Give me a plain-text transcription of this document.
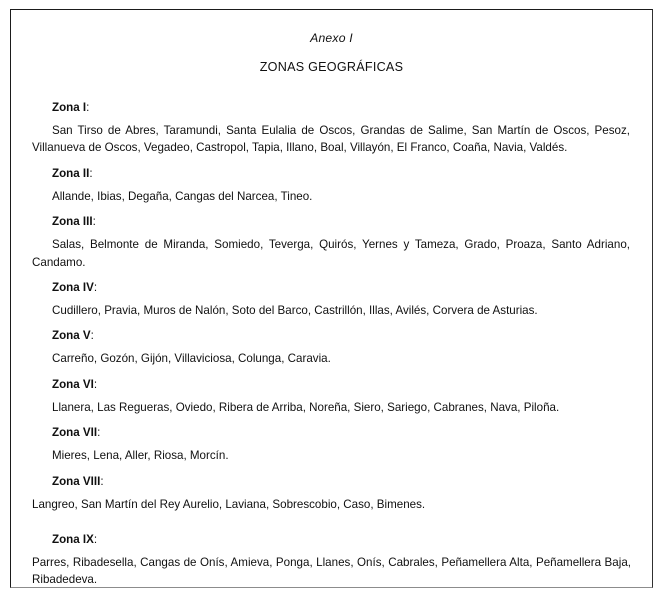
Anexo I

ZONAS GEOGRÁFICAS

Zona I:

San Tirso de Abres, Taramundi, Santa Eulalia de Oscos, Grandas de Salime, San Martín de Oscos, Pesoz, Villanueva de Oscos, Vegadeo, Castropol, Tapia, Illano, Boal, Villayón, El Franco, Coaña, Navia, Valdés.

Zona II:

Allande, Ibias, Degaña, Cangas del Narcea, Tineo.

Zona III:

Salas, Belmonte de Miranda, Somiedo, Teverga, Quirós, Yernes y Tameza, Grado, Proaza, Santo Adriano, Candamo.

Zona IV:

Cudillero, Pravia, Muros de Nalón, Soto del Barco, Castrillón, Illas, Avilés, Corvera de Asturias.

Zona V:

Carreño, Gozón, Gijón, Villaviciosa, Colunga, Caravia.

Zona VI:

Llanera, Las Regueras, Oviedo, Ribera de Arriba, Noreña, Siero, Sariego, Cabranes, Nava, Piloña.

Zona VII:

Mieres, Lena, Aller, Riosa, Morcín.

Zona VIII:

Langreo, San Martín del Rey Aurelio, Laviana, Sobrescobio, Caso, Bimenes.

Zona IX:

Parres, Ribadesella, Cangas de Onís, Amieva, Ponga, Llanes, Onís, Cabrales, Peñamellera Alta, Peñamellera Baja, Ribadedeva.
